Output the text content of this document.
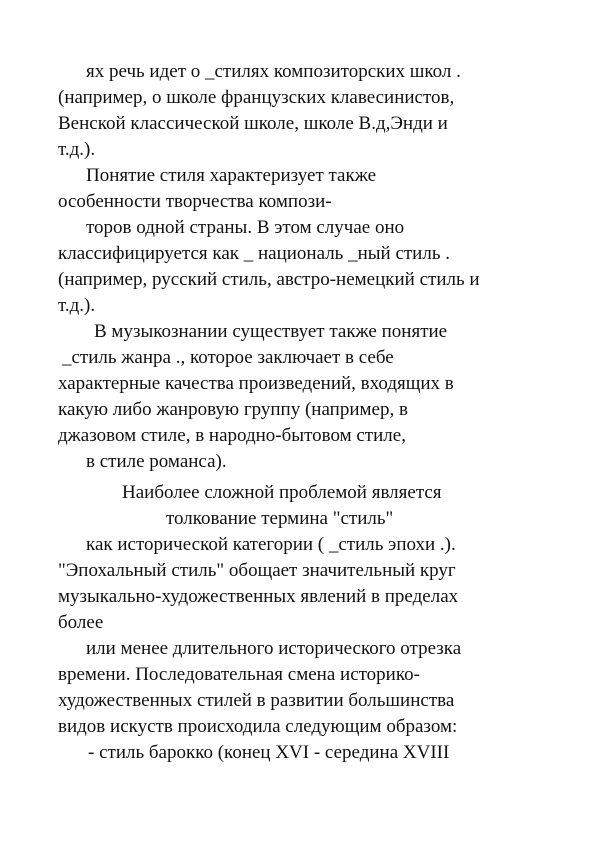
ях речь идет о _стилях композиторских школ .
(например, о школе французских клавесинистов,
Венской классической школе, школе В.д,Энди и
т.д.).
Понятие стиля характеризует также
особенности творчества компози-
торов одной страны. В этом случае оно
классифицируется как _ националь _ный стиль .
(например, русский стиль, австро-немецкий стиль и
т.д.).
В музыкознании существует также понятие
_стиль жанра ., которое заключает в себе
характерные качества произведений, входящих в
какую либо жанровую группу (например, в
джазовом стиле, в народно-бытовом стиле,
в стиле романса).
Наиболее сложной проблемой является
толкование термина "стиль"
как исторической категории ( _стиль эпохи .).
"Эпохальный стиль" обощает значительный круг
музыкально-художественных явлений в пределах
более
или менее длительного исторического отрезка
времени. Последовательная смена историко-
художественных стилей в развитии большинства
видов искуств происходила следующим образом:
- стиль барокко (конец XVI - середина XVIII
